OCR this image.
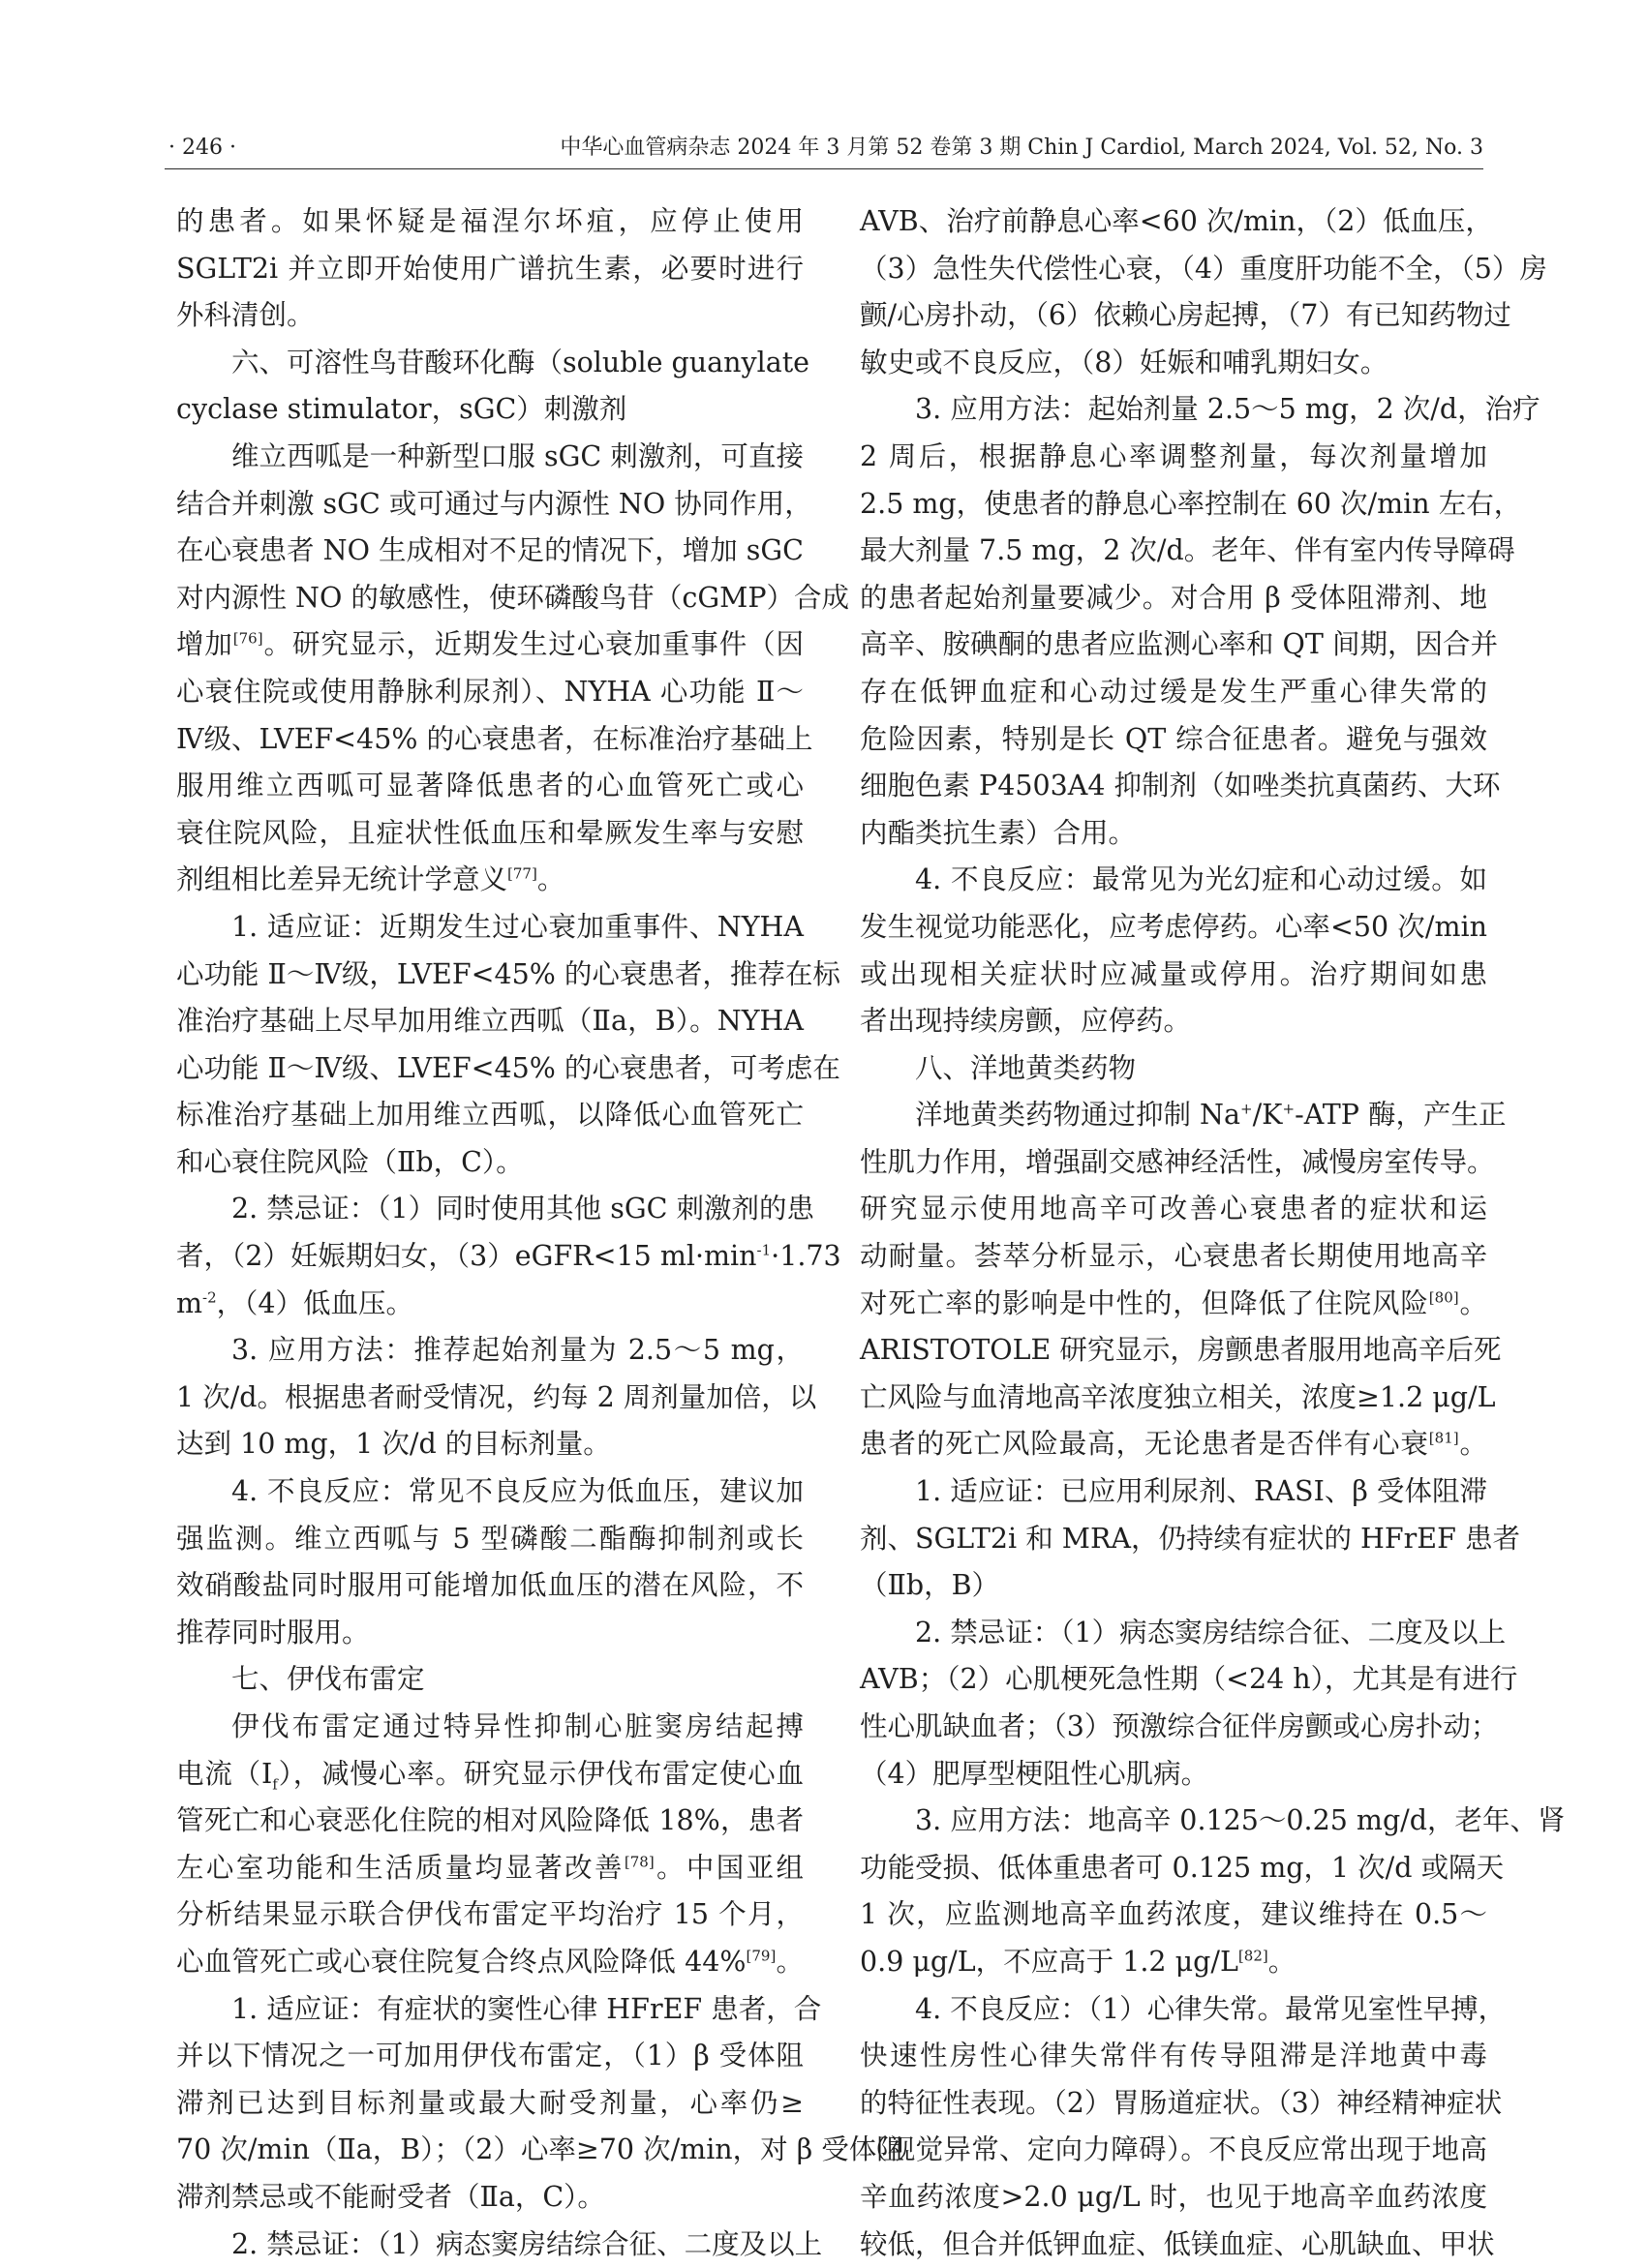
· 246 ·	中华心血管病杂志 2024 年 3 月第 52 卷第 3 期 Chin J Cardiol, March 2024, Vol. 52, No. 3
的患者。如果怀疑是福涅尔坏疽，应停止使用
SGLT2i 并立即开始使用广谱抗生素，必要时进行
外科清创。
六、可溶性鸟苷酸环化酶（soluble guanylate
cyclase stimulator，sGC）刺激剂
维立西呱是一种新型口服 sGC 刺激剂，可直接
结合并刺激 sGC 或可通过与内源性 NO 协同作用，
在心衰患者 NO 生成相对不足的情况下，增加 sGC
对内源性 NO 的敏感性，使环磷酸鸟苷（cGMP）合成
增加[76]。研究显示，近期发生过心衰加重事件（因
心衰住院或使用静脉利尿剂）、NYHA 心功能 Ⅱ～
Ⅳ级、LVEF<45% 的心衰患者，在标准治疗基础上
服用维立西呱可显著降低患者的心血管死亡或心
衰住院风险，且症状性低血压和晕厥发生率与安慰
剂组相比差异无统计学意义[77]。
1. 适应证：近期发生过心衰加重事件、NYHA
心功能 Ⅱ～Ⅳ级，LVEF<45% 的心衰患者，推荐在标
准治疗基础上尽早加用维立西呱（Ⅱa，B）。NYHA
心功能 Ⅱ～Ⅳ级、LVEF<45% 的心衰患者，可考虑在
标准治疗基础上加用维立西呱，以降低心血管死亡
和心衰住院风险（Ⅱb，C）。
2. 禁忌证：（1）同时使用其他 sGC 刺激剂的患
者，（2）妊娠期妇女，（3）eGFR<15 $ml\cdot\min^{-1}\cdot 1.73$
$m^{-2}$，（4）低血压。
3. 应用方法：推荐起始剂量为 2.5～5 mg，
1 次/d。根据患者耐受情况，约每 2 周剂量加倍，以
达到 10 mg，1 次/d 的目标剂量。
4. 不良反应：常见不良反应为低血压，建议加
强监测。维立西呱与 5 型磷酸二酯酶抑制剂或长
效硝酸盐同时服用可能增加低血压的潜在风险，不
推荐同时服用。
七、伊伐布雷定
伊伐布雷定通过特异性抑制心脏窦房结起搏
电流$(I_f)$，减慢心率。研究显示伊伐布雷定使心血
管死亡和心衰恶化住院的相对风险降低 18%，患者
左心室功能和生活质量均显著改善[78]。中国亚组
分析结果显示联合伊伐布雷定平均治疗 15 个月，
心血管死亡或心衰住院复合终点风险降低 44%[79]。
1. 适应证：有症状的窦性心律 HFrEF 患者，合
并以下情况之一可加用伊伐布雷定，（1）β 受体阻
滞剂已达到目标剂量或最大耐受剂量，心率仍≥
70 次/min（Ⅱa，B）；（2）心率≥70 次/min，对 β 受体阻
滞剂禁忌或不能耐受者（Ⅱa，C）。
2. 禁忌证：（1）病态窦房结综合征、二度及以上
AVB、治疗前静息心率<60 次/min，（2）低血压，
（3）急性失代偿性心衰，（4）重度肝功能不全，（5）房
颤/心房扑动，（6）依赖心房起搏，（7）有已知药物过
敏史或不良反应，（8）妊娠和哺乳期妇女。
3. 应用方法：起始剂量 2.5～5 mg，2 次/d，治疗
2 周后，根据静息心率调整剂量，每次剂量增加
2.5 mg，使患者的静息心率控制在 60 次/min 左右，
最大剂量 7.5 mg，2 次/d。老年、伴有室内传导障碍
的患者起始剂量要减少。对合用 β 受体阻滞剂、地
高辛、胺碘酮的患者应监测心率和 QT 间期，因合并
存在低钾血症和心动过缓是发生严重心律失常的
危险因素，特别是长 QT 综合征患者。避免与强效
细胞色素 P4503A4 抑制剂（如唑类抗真菌药、大环
内酯类抗生素）合用。
4. 不良反应：最常见为光幻症和心动过缓。如
发生视觉功能恶化，应考虑停药。心率<50 次/min
或出现相关症状时应减量或停用。治疗期间如患
者出现持续房颤，应停药。
八、洋地黄类药物
洋地黄类药物通过抑制 Na+/K+-ATP 酶，产生正
性肌力作用，增强副交感神经活性，减慢房室传导。
研究显示使用地高辛可改善心衰患者的症状和运
动耐量。荟萃分析显示，心衰患者长期使用地高辛
对死亡率的影响是中性的，但降低了住院风险[80]。
ARISTOTOLE 研究显示，房颤患者服用地高辛后死
亡风险与血清地高辛浓度独立相关，浓度≥1.2 μg/L
患者的死亡风险最高，无论患者是否伴有心衰[81]。
1. 适应证：已应用利尿剂、RASI、β 受体阻滞
剂、SGLT2i 和 MRA，仍持续有症状的 HFrEF 患者
（Ⅱb，B）
2. 禁忌证：（1）病态窦房结综合征、二度及以上
AVB；（2）心肌梗死急性期（<24 h），尤其是有进行
性心肌缺血者；（3）预激综合征伴房颤或心房扑动；
（4）肥厚型梗阻性心肌病。
3. 应用方法：地高辛 0.125～0.25 mg/d，老年、肾
功能受损、低体重患者可 0.125 mg，1 次/d 或隔天
1 次，应监测地高辛血药浓度，建议维持在 0.5～
0.9 μg/L，不应高于 1.2 μg/L[82]。
4. 不良反应：（1）心律失常。最常见室性早搏，
快速性房性心律失常伴有传导阻滞是洋地黄中毒
的特征性表现。（2）胃肠道症状。（3）神经精神症状
（视觉异常、定向力障碍）。不良反应常出现于地高
辛血药浓度>2.0 μg/L 时，也见于地高辛血药浓度
较低，但合并低钾血症、低镁血症、心肌缺血、甲状
